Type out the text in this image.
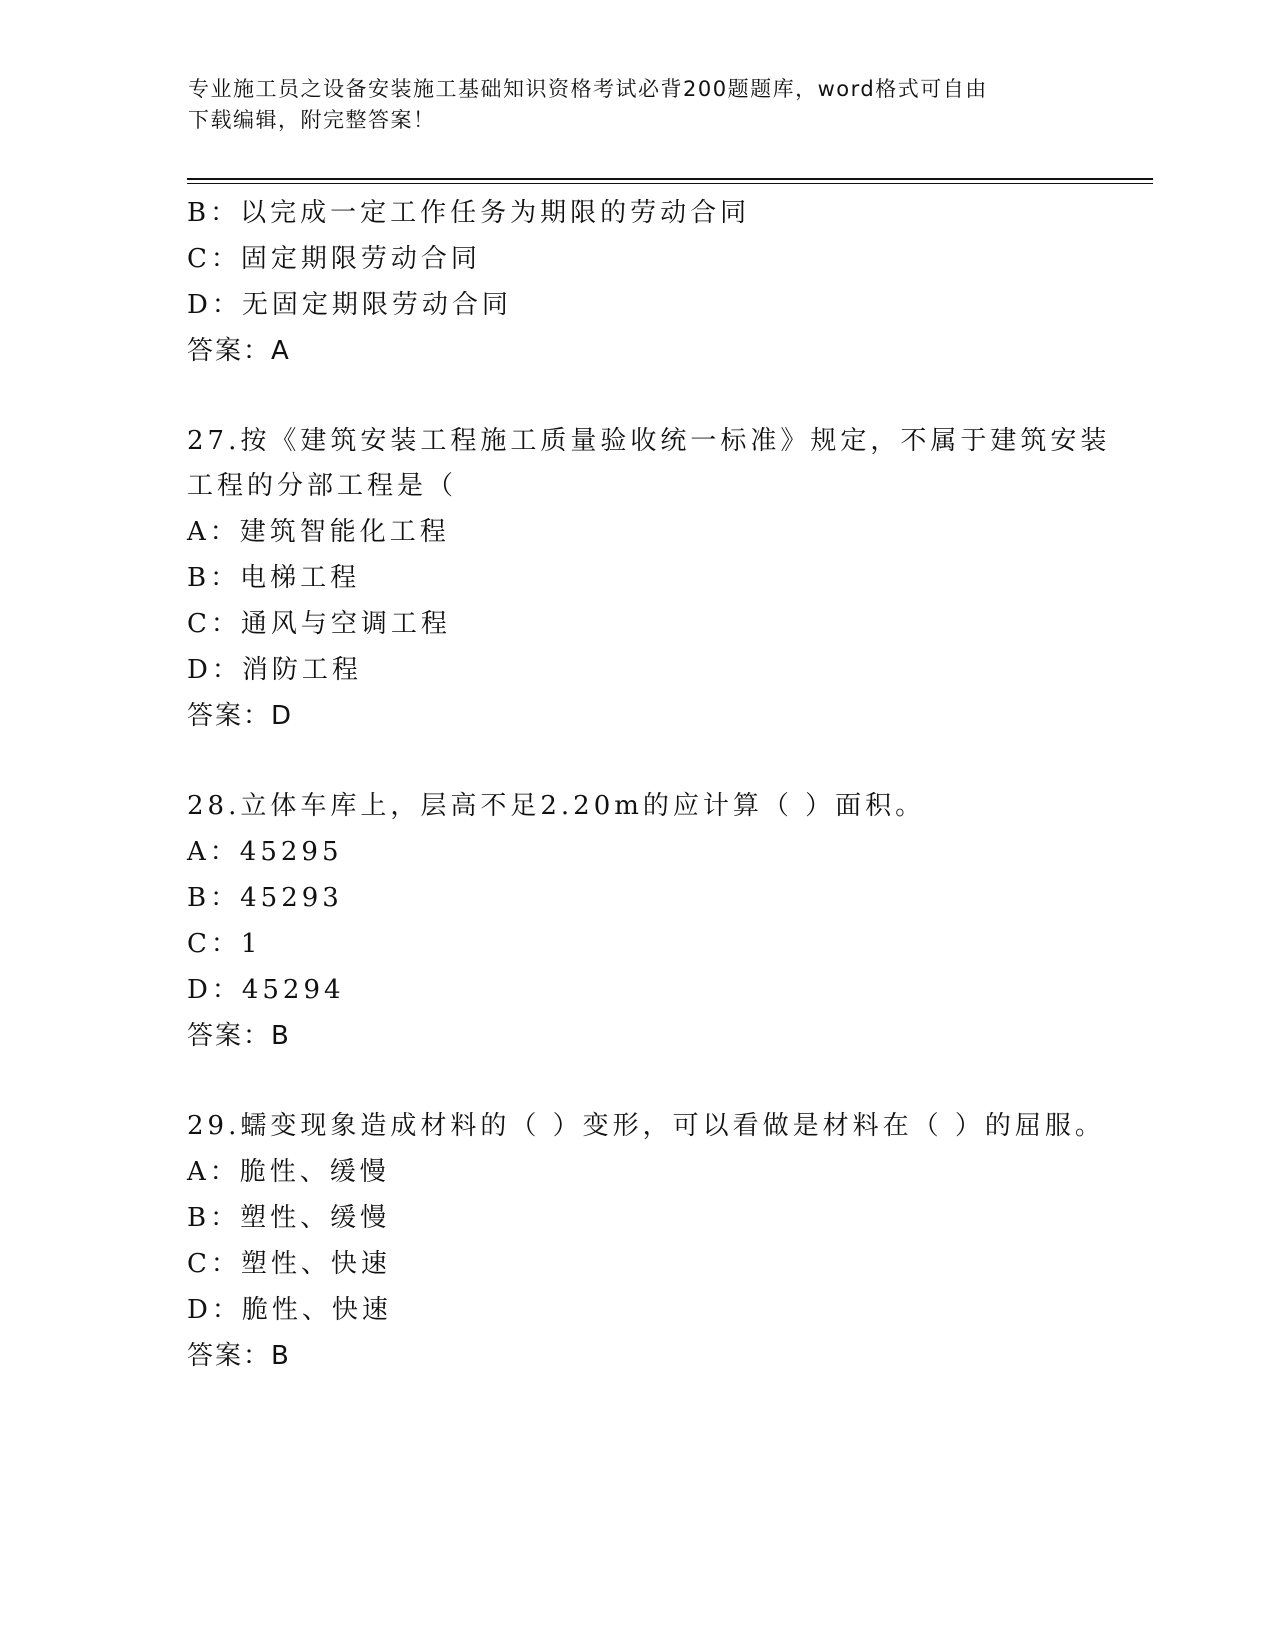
专业施工员之设备安装施工基础知识资格考试必背200题题库，word格式可自由
下载编辑，附完整答案！
B：以完成一定工作任务为期限的劳动合同
C：固定期限劳动合同
D：无固定期限劳动合同
答案：A
27.按《建筑安装工程施工质量验收统一标准》规定，不属于建筑安装
工程的分部工程是（
A：建筑智能化工程
B：电梯工程
C：通风与空调工程
D：消防工程
答案：D
28.立体车库上，层高不足2.20m的应计算（ ）面积。
A：45295
B：45293
C：1
D：45294
答案：B
29.蠕变现象造成材料的（ ）变形，可以看做是材料在（ ）的屈服。
A：脆性、缓慢
B：塑性、缓慢
C：塑性、快速
D：脆性、快速
答案：B
